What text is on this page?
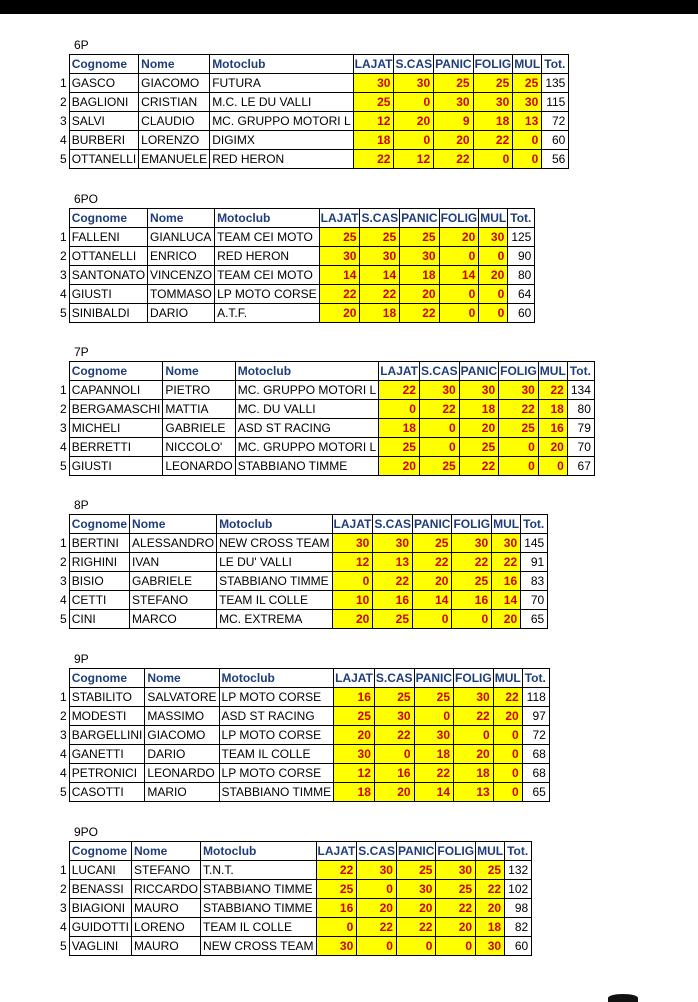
6P
	Cognome	Nome	Motoclub	LAJAT	S.CAS	PANIC	FOLIG	MUL	Tot.
1	GASCO	GIACOMO	FUTURA	30	30	25	25	25	135
2	BAGLIONI	CRISTIAN	M.C. LE DU VALLI	25	0	30	30	30	115
3	SALVI	CLAUDIO	MC. GRUPPO MOTORI L	12	20	9	18	13	72
4	BURBERI	LORENZO	DIGIMX	18	0	20	22	0	60
5	OTTANELLI	EMANUELE	RED HERON	22	12	22	0	0	56
6PO
	Cognome	Nome	Motoclub	LAJAT	S.CAS	PANIC	FOLIG	MUL	Tot.
1	FALLENI	GIANLUCA	TEAM CEI MOTO	25	25	25	20	30	125
2	OTTANELLI	ENRICO	RED HERON	30	30	30	0	0	90
3	SANTONATO	VINCENZO	TEAM CEI MOTO	14	14	18	14	20	80
4	GIUSTI	TOMMASO	LP MOTO CORSE	22	22	20	0	0	64
5	SINIBALDI	DARIO	A.T.F.	20	18	22	0	0	60
7P
	Cognome	Nome	Motoclub	LAJAT	S.CAS	PANIC	FOLIG	MUL	Tot.
1	CAPANNOLI	PIETRO	MC. GRUPPO MOTORI L	22	30	30	30	22	134
2	BERGAMASCHI	MATTIA	MC. DU VALLI	0	22	18	22	18	80
3	MICHELI	GABRIELE	ASD ST RACING	18	0	20	25	16	79
4	BERRETTI	NICCOLO'	MC. GRUPPO MOTORI L	25	0	25	0	20	70
5	GIUSTI	LEONARDO	STABBIANO TIMME	20	25	22	0	0	67
8P
	Cognome	Nome	Motoclub	LAJAT	S.CAS	PANIC	FOLIG	MUL	Tot.
1	BERTINI	ALESSANDRO	NEW CROSS TEAM	30	30	25	30	30	145
2	RIGHINI	IVAN	LE DU' VALLI	12	13	22	22	22	91
3	BISIO	GABRIELE	STABBIANO TIMME	0	22	20	25	16	83
4	CETTI	STEFANO	TEAM IL COLLE	10	16	14	16	14	70
5	CINI	MARCO	MC. EXTREMA	20	25	0	0	20	65
9P
	Cognome	Nome	Motoclub	LAJAT	S.CAS	PANIC	FOLIG	MUL	Tot.
1	STABILITO	SALVATORE	LP MOTO CORSE	16	25	25	30	22	118
2	MODESTI	MASSIMO	ASD ST RACING	25	30	0	22	20	97
3	BARGELLINI	GIACOMO	LP MOTO CORSE	20	22	30	0	0	72
4	GANETTI	DARIO	TEAM IL COLLE	30	0	18	20	0	68
4	PETRONICI	LEONARDO	LP MOTO CORSE	12	16	22	18	0	68
5	CASOTTI	MARIO	STABBIANO TIMME	18	20	14	13	0	65
9PO
	Cognome	Nome	Motoclub	LAJAT	S.CAS	PANIC	FOLIG	MUL	Tot.
1	LUCANI	STEFANO	T.N.T.	22	30	25	30	25	132
2	BENASSI	RICCARDO	STABBIANO TIMME	25	0	30	25	22	102
3	BIAGIONI	MAURO	STABBIANO TIMME	16	20	20	22	20	98
4	GUIDOTTI	LORENO	TEAM IL COLLE	0	22	22	20	18	82
5	VAGLINI	MAURO	NEW CROSS TEAM	30	0	0	0	30	60
